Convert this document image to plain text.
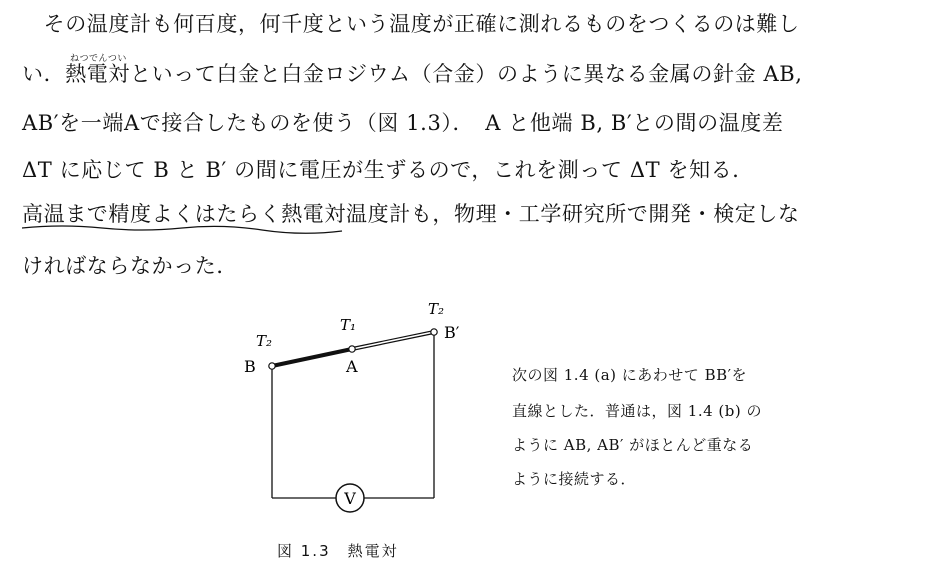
　その温度計も何百度，何千度という温度が正確に測れるものをつくるのは難し
ねつでんつい
い．熱電対といって白金と白金ロジウム（合金）のように異なる金属の針金 AB,
AB′を一端Aで接合したものを使う（図 1.3）．　A と他端 B, B′との間の温度差
ΔT に応じて B と B′ の間に電圧が生ずるので，これを測って ΔT を知る．
高温まで精度よくはたらく熱電対温度計も，物理・工学研究所で開発・検定しな
ければならなかった．
V
T₂
T₁
T₂
B	A
B′
図 1.3　熱電対
次の図 1.4 (a) にあわせて BB′を
直線とした．普通は，図 1.4 (b) の
ように AB, AB′ がほとんど重なる
ように接続する．
